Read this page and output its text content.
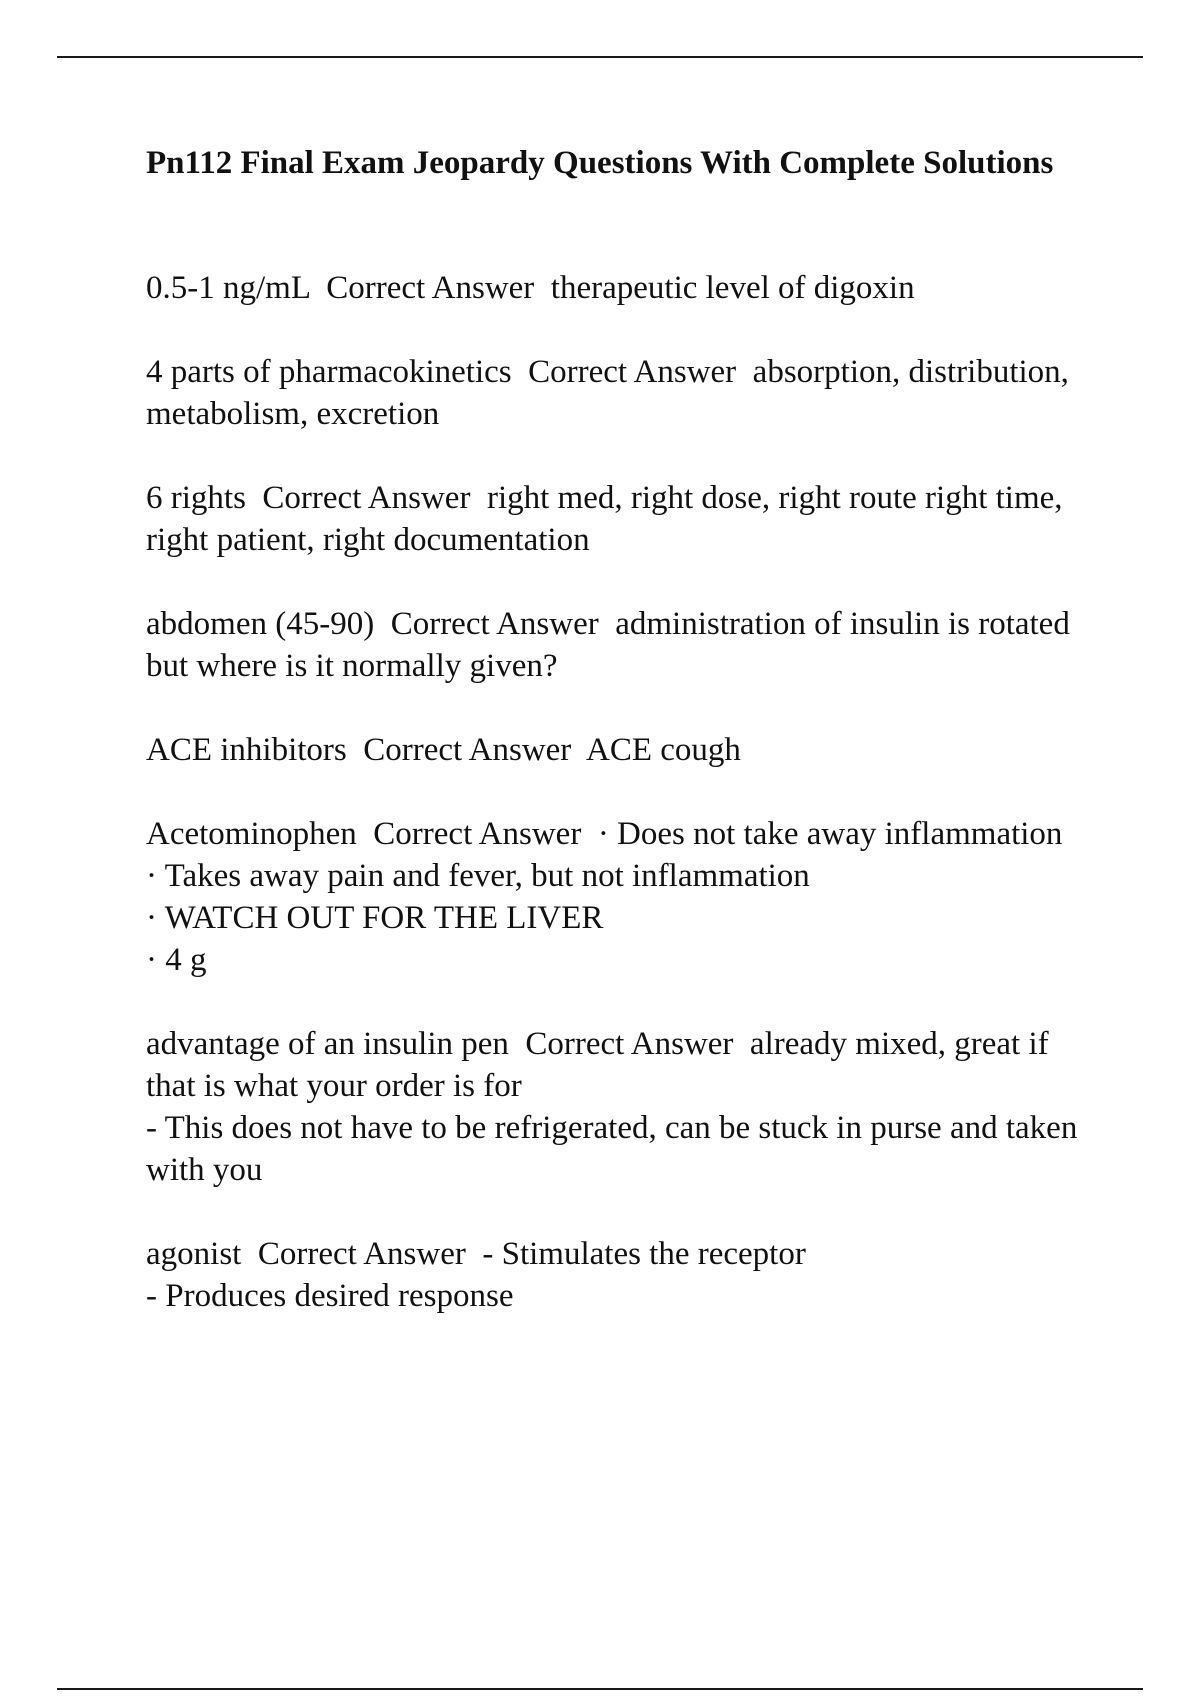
Pn112 Final Exam Jeopardy Questions With Complete Solutions

0.5-1 ng/mL Correct Answer therapeutic level of digoxin

4 parts of pharmacokinetics Correct Answer absorption, distribution, metabolism, excretion

6 rights Correct Answer right med, right dose, right route right time, right patient, right documentation

abdomen (45-90) Correct Answer administration of insulin is rotated but where is it normally given?

ACE inhibitors Correct Answer ACE cough

Acetominophen Correct Answer · Does not take away inflammation
· Takes away pain and fever, but not inflammation
· WATCH OUT FOR THE LIVER
· 4 g

advantage of an insulin pen Correct Answer already mixed, great if that is what your order is for
- This does not have to be refrigerated, can be stuck in purse and taken with you

agonist Correct Answer - Stimulates the receptor
- Produces desired response
